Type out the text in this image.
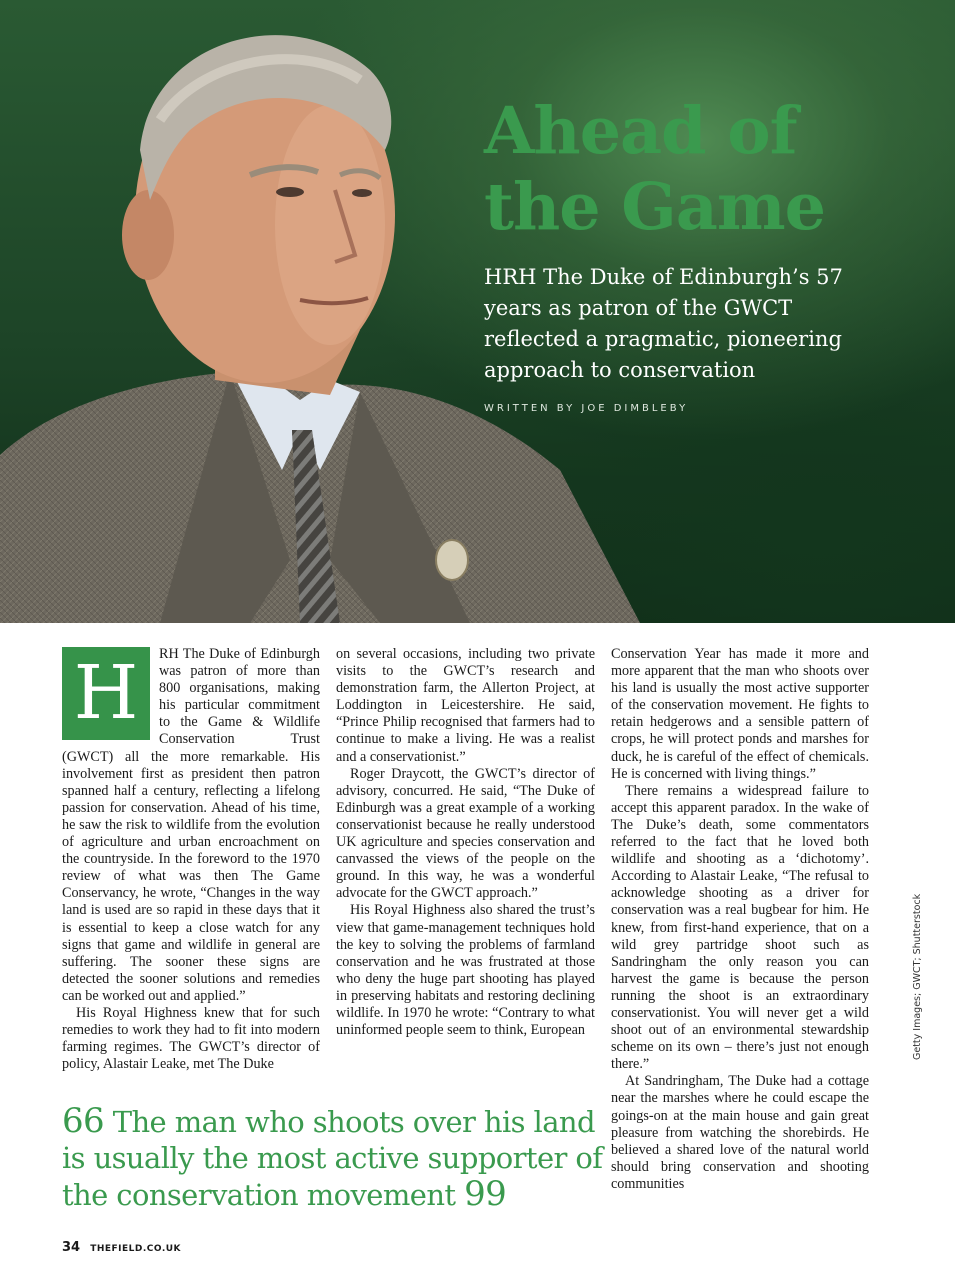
Ahead of the Game

HRH The Duke of Edinburgh’s 57 years as patron of the GWCT reflected a pragmatic, pioneering approach to conservation

WRITTEN BY JOE DIMBLEBY

H	RH The Duke of Edinburgh was patron of more than 800 organisations, making his particular commitment to the Game & Wildlife Conservation Trust (GWCT) all the more remarkable. His involvement first as president then patron spanned half a century, reflecting a lifelong passion for conservation. Ahead of his time, he saw the risk to wildlife from the evolution of agriculture and urban encroachment on the countryside. In the foreword to the 1970 review of what was then The Game Conservancy, he wrote, “Changes in the way land is used are so rapid in these days that it is essential to keep a close watch for any signs that game and wildlife in general are suffering. The sooner these signs are detected the sooner solutions and remedies can be worked out and applied.”

His Royal Highness knew that for such remedies to work they had to fit into modern farming regimes. The GWCT’s director of policy, Alastair Leake, met The Duke

on several occasions, including two private visits to the GWCT’s research and demonstration farm, the Allerton Project, at Loddington in Leicestershire. He said, “Prince Philip recognised that farmers had to continue to make a living. He was a realist and a conservationist.”

Roger Draycott, the GWCT’s director of advisory, concurred. He said, “The Duke of Edinburgh was a great example of a working conservationist because he really understood UK agriculture and species conservation and canvassed the views of the people on the ground. In this way, he was a wonderful advocate for the GWCT approach.”

His Royal Highness also shared the trust’s view that game-management techniques hold the key to solving the problems of farmland conservation and he was frustrated at those who deny the huge part shooting has played in preserving habitats and restoring declining wildlife. In 1970 he wrote: “Contrary to what uninformed people seem to think, European

Conservation Year has made it more and more apparent that the man who shoots over his land is usually the most active supporter of the conservation movement. He fights to retain hedgerows and a sensible pattern of crops, he will protect ponds and marshes for duck, he is careful of the effect of chemicals. He is concerned with living things.”

There remains a widespread failure to accept this apparent paradox. In the wake of The Duke’s death, some commentators referred to the fact that he loved both wildlife and shooting as a ‘dichotomy’. According to Alastair Leake, “The refusal to acknowledge shooting as a driver for conservation was a real bugbear for him. He knew, from first-hand experience, that on a wild grey partridge shoot such as Sandringham the only reason you can harvest the game is because the person running the shoot is an extraordinary conservationist. You will never get a wild shoot out of an environmental stewardship scheme on its own – there’s just not enough there.”

At Sandringham, The Duke had a cottage near the marshes where he could escape the goings-on at the main house and gain great pleasure from watching the shorebirds. He believed a shared love of the natural world should bring conservation and shooting communities

66 The man who shoots over his land is usually the most active supporter of the conservation movement 99

Getty Images; GWCT; Shutterstock
34 THEFIELD.CO.UK
